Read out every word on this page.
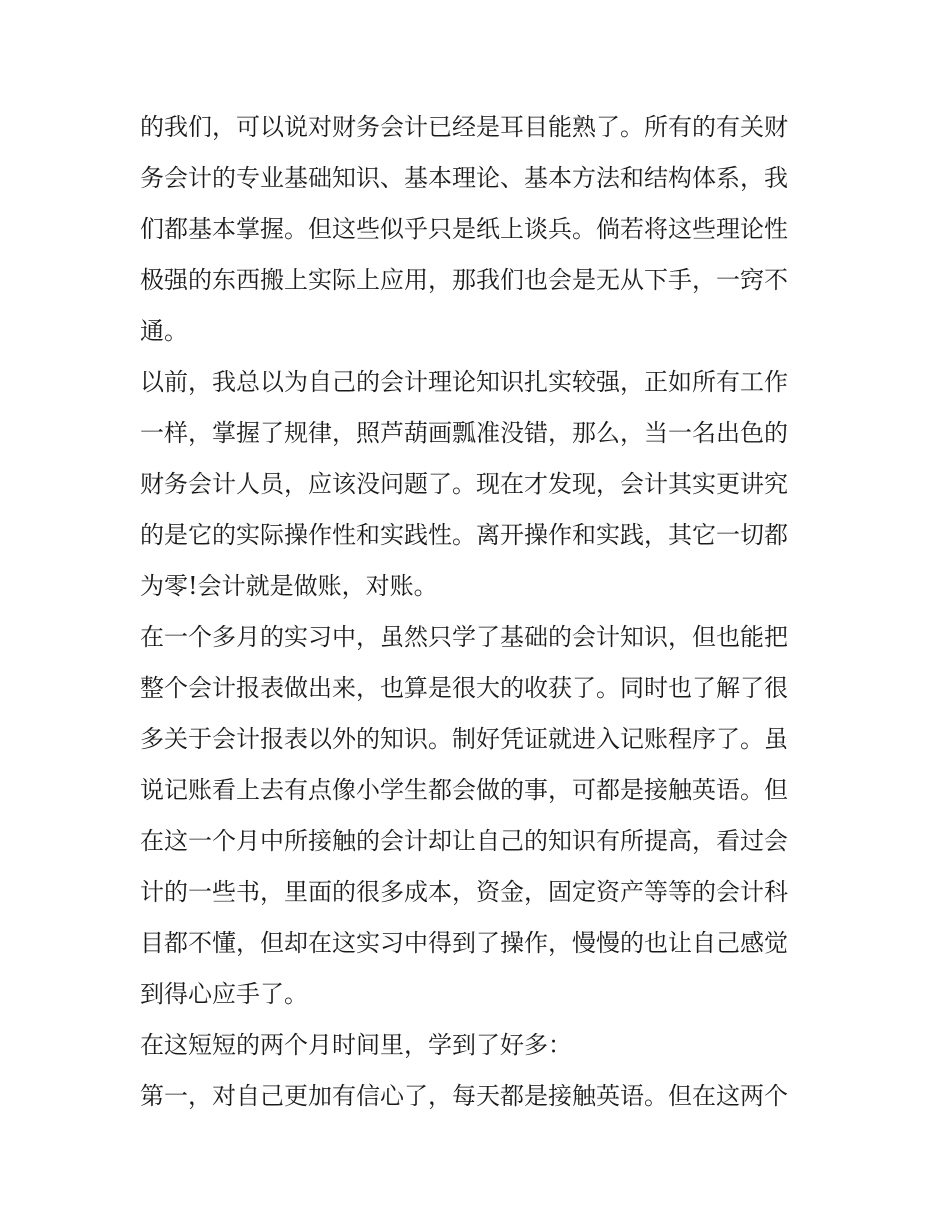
的我们，可以说对财务会计已经是耳目能熟了。所有的有关财
务会计的专业基础知识、基本理论、基本方法和结构体系，我
们都基本掌握。但这些似乎只是纸上谈兵。倘若将这些理论性
极强的东西搬上实际上应用，那我们也会是无从下手，一窍不
通。
以前，我总以为自己的会计理论知识扎实较强，正如所有工作
一样，掌握了规律，照芦葫画瓢准没错，那么，当一名出色的
财务会计人员，应该没问题了。现在才发现，会计其实更讲究
的是它的实际操作性和实践性。离开操作和实践，其它一切都
为零!会计就是做账，对账。
在一个多月的实习中，虽然只学了基础的会计知识，但也能把
整个会计报表做出来，也算是很大的收获了。同时也了解了很
多关于会计报表以外的知识。制好凭证就进入记账程序了。虽
说记账看上去有点像小学生都会做的事，可都是接触英语。但
在这一个月中所接触的会计却让自己的知识有所提高，看过会
计的一些书，里面的很多成本，资金，固定资产等等的会计科
目都不懂，但却在这实习中得到了操作，慢慢的也让自己感觉
到得心应手了。
在这短短的两个月时间里，学到了好多：
第一，对自己更加有信心了，每天都是接触英语。但在这两个
